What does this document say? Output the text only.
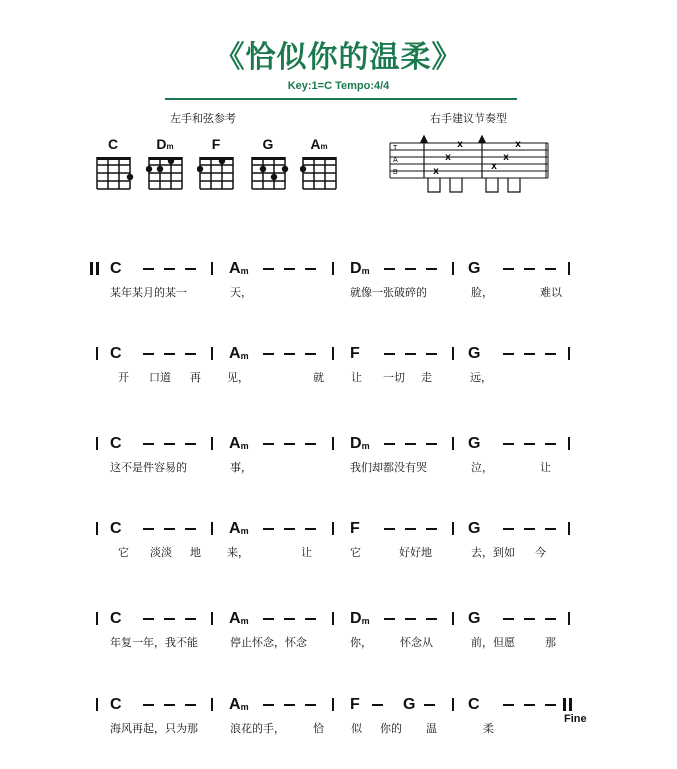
《恰似你的温柔》
Key:1=C Tempo:4/4
左手和弦参考	右手建议节奏型
C	Dm	F	G	Am	T
A
B	x
x
x
x
x
x
C	Am	Dm	G
某年某月的某一	天，	就像一张破碎的	脸，	难以
C	Am	F	G
开 口道 再 见，	就 让 一切 走	远，
C	Am	Dm	G
这不是件容易的	事，	我们却都没有哭	泣，	让
C	Am	F	G
它 淡淡 地 来，	让	它	好好地	去，到如 今
C	Am	Dm	G
年复一年，我不能	停止怀念，怀念	你，	怀念从	前，但愿	那
C	Am	F	G	C
海风再起，只为那	浪花的手，	恰 似 你的 温	柔
Fine
